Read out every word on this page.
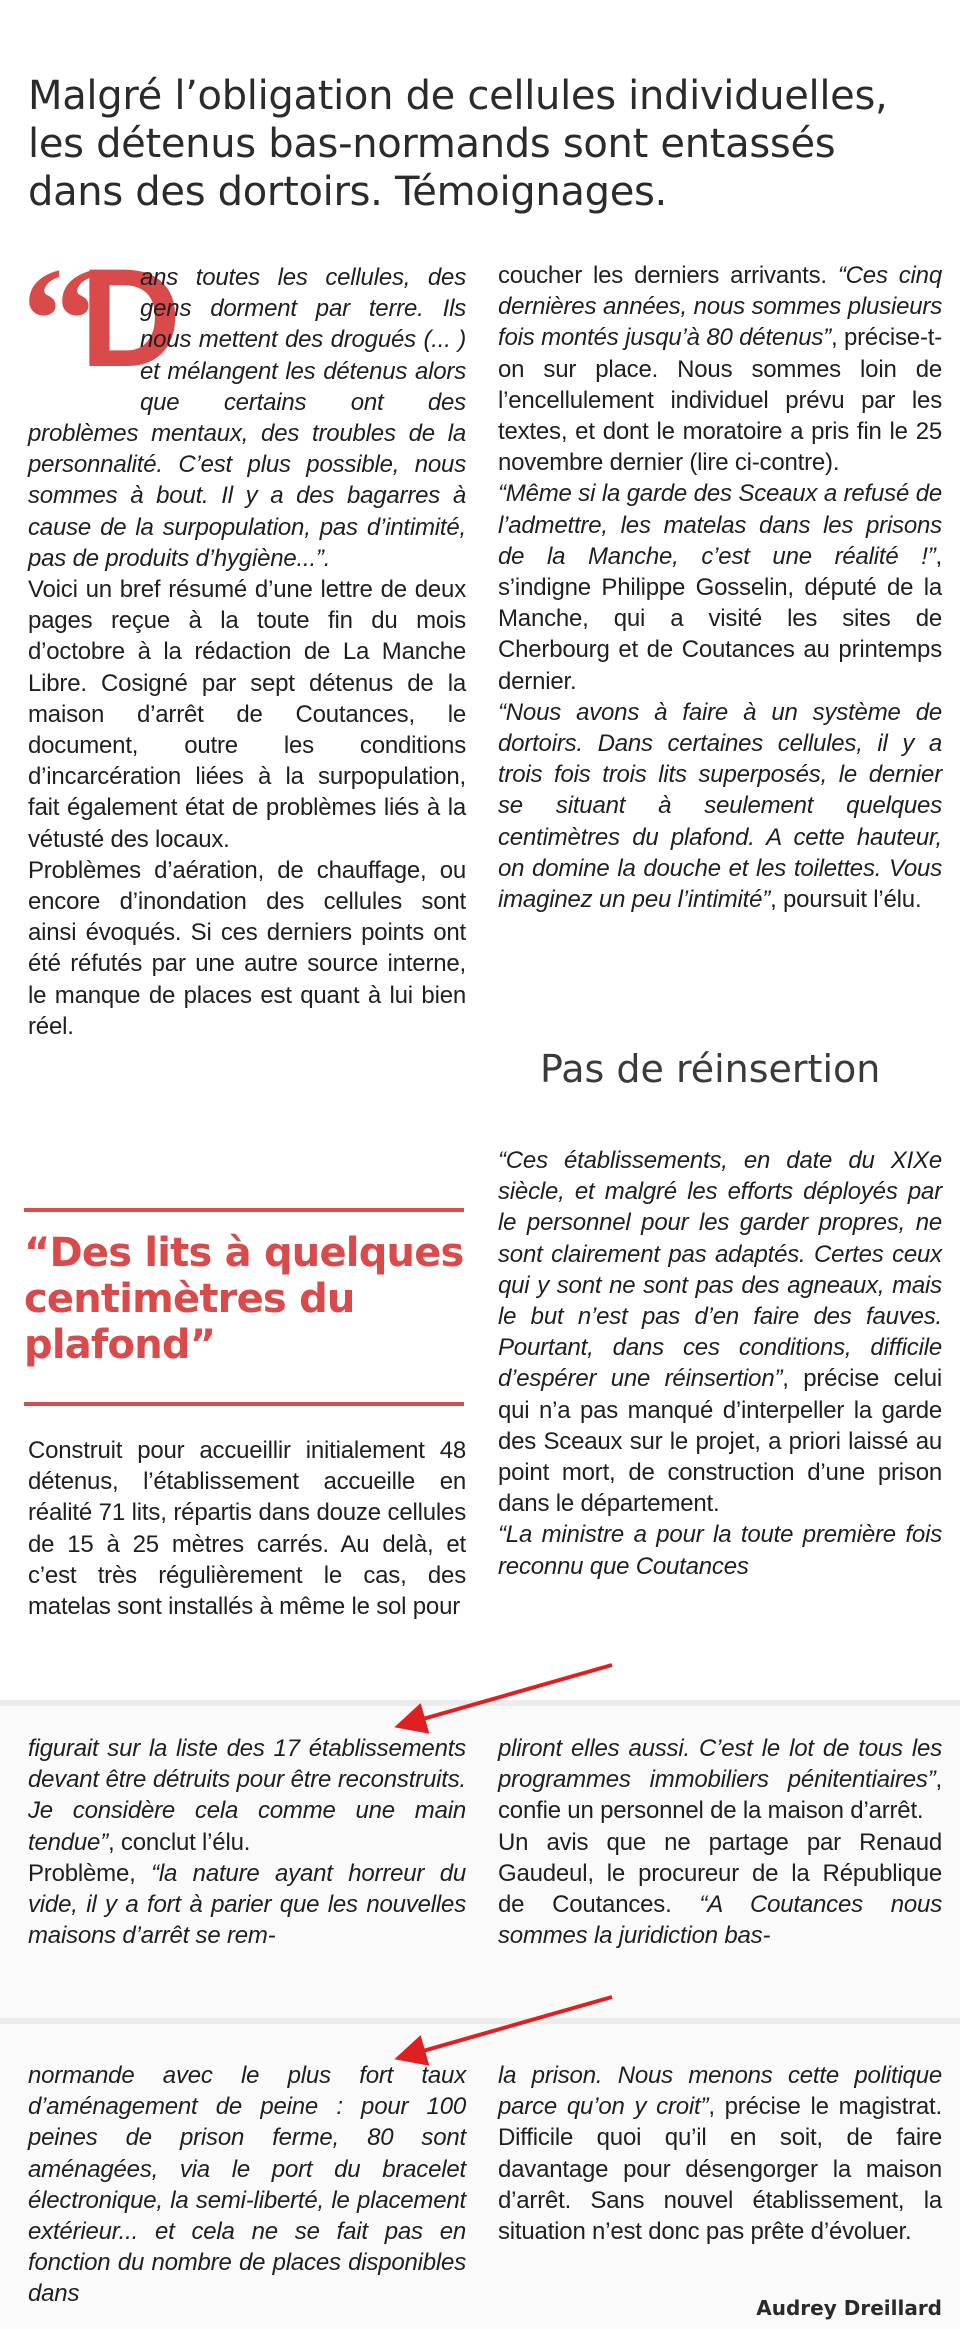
Malgré l’obligation de cellules individuelles, les détenus bas-normands sont entassés dans des dortoirs. Témoignages.
“
D

ans toutes les cellules, des gens dorment par terre. Ils nous mettent des drogués (... ) et mélangent les détenus alors que certains ont des problèmes mentaux, des troubles de la personnalité. C’est plus possible, nous sommes à bout. Il y a des bagarres à cause de la surpopulation, pas d’intimité, pas de produits d’hygiène...”.

Voici un bref résumé d’une lettre de deux pages reçue à la toute fin du mois d’octobre à la rédaction de La Manche Libre. Cosigné par sept détenus de la maison d’arrêt de Coutances, le document, outre les conditions d’incarcération liées à la surpopulation, fait également état de problèmes liés à la vétusté des locaux.

Problèmes d’aération, de chauffage, ou encore d’inondation des cellules sont ainsi évoqués. Si ces derniers points ont été réfutés par une autre source interne, le manque de places est quant à lui bien réel.

“Des lits à quelques centimètres du plafond”

Construit pour accueillir initialement 48 détenus, l’établissement accueille en réalité 71 lits, répartis dans douze cellules de 15 à 25 mètres carrés. Au delà, et c’est très régulièrement le cas, des matelas sont installés à même le sol pour

coucher les derniers arrivants. “Ces cinq dernières années, nous sommes plusieurs fois montés jusqu’à 80 détenus”, précise-t-on sur place. Nous sommes loin de l’encellulement individuel prévu par les textes, et dont le moratoire a pris fin le 25 novembre dernier (lire ci-contre).

“Même si la garde des Sceaux a refusé de l’admettre, les matelas dans les prisons de la Manche, c’est une réalité !”, s’indigne Philippe Gosselin, député de la Manche, qui a visité les sites de Cherbourg et de Coutances au printemps dernier.

“Nous avons à faire à un système de dortoirs. Dans certaines cellules, il y a trois fois trois lits superposés, le dernier se situant à seulement quelques centimètres du plafond. A cette hauteur, on domine la douche et les toilettes. Vous imaginez un peu l’intimité”, poursuit l’élu.

Pas de réinsertion

“Ces établissements, en date du XIXe siècle, et malgré les efforts déployés par le personnel pour les garder propres, ne sont clairement pas adaptés. Certes ceux qui y sont ne sont pas des agneaux, mais le but n’est pas d’en faire des fauves. Pourtant, dans ces conditions, difficile d’espérer une réinsertion”, précise celui qui n’a pas manqué d’interpeller la garde des Sceaux sur le projet, a priori laissé au point mort, de construction d’une prison dans le département.

“La ministre a pour la toute première fois reconnu que Coutances

figurait sur la liste des 17 établissements devant être détruits pour être reconstruits. Je considère cela comme une main tendue”, conclut l’élu.

Problème, “la nature ayant horreur du vide, il y a fort à parier que les nouvelles maisons d’arrêt se rem-

pliront elles aussi. C’est le lot de tous les programmes immobiliers pénitentiaires”, confie un personnel de la maison d’arrêt.

Un avis que ne partage par Renaud Gaudeul, le procureur de la République de Coutances. “A Coutances nous sommes la juridiction bas-

normande avec le plus fort taux d’aménagement de peine : pour 100 peines de prison ferme, 80 sont aménagées, via le port du bracelet électronique, la semi-liberté, le placement extérieur... et cela ne se fait pas en fonction du nombre de places disponibles dans

la prison. Nous menons cette politique parce qu’on y croit”, précise le magistrat. Difficile quoi qu’il en soit, de faire davantage pour désengorger la maison d’arrêt. Sans nouvel établissement, la situation n’est donc pas prête d’évoluer.

Audrey Dreillard
